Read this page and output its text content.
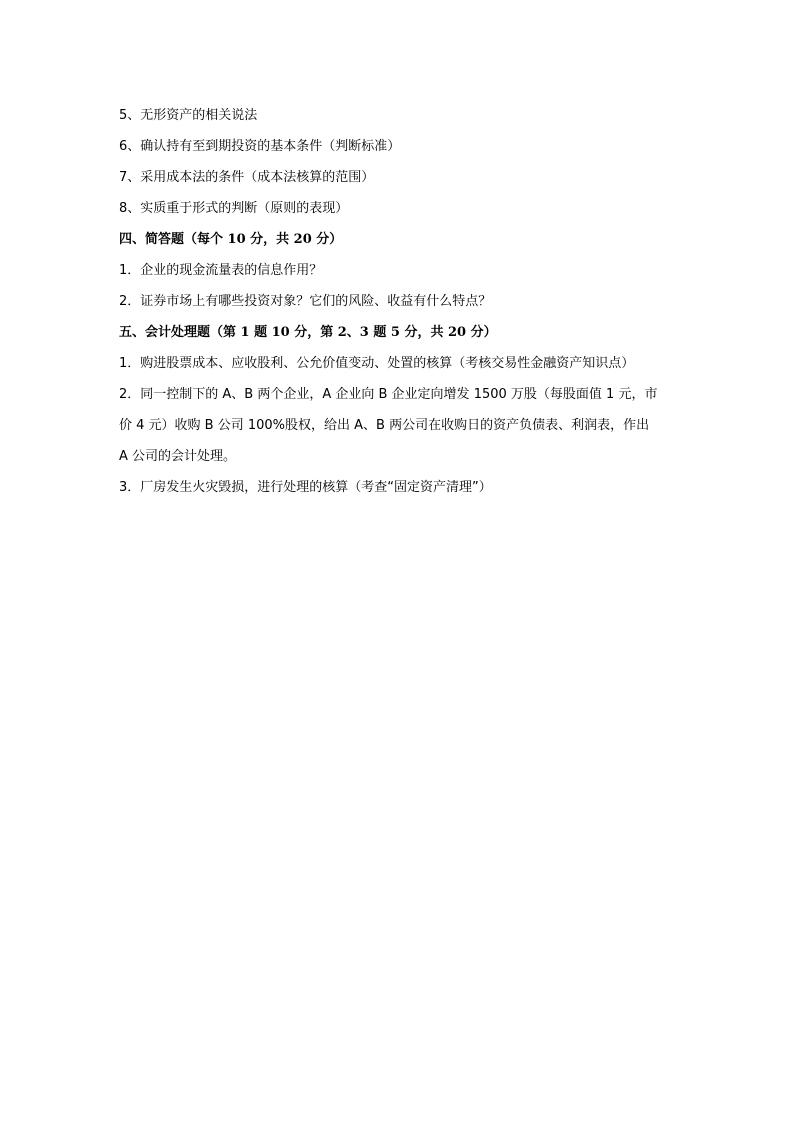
5、无形资产的相关说法
6、确认持有至到期投资的基本条件（判断标准）
7、采用成本法的条件（成本法核算的范围）
8、实质重于形式的判断（原则的表现）
四、简答题（每个 10 分，共 20 分）
1．企业的现金流量表的信息作用？
2．证券市场上有哪些投资对象？它们的风险、收益有什么特点？
五、会计处理题（第 1 题 10 分，第 2、3 题 5 分，共 20 分）
1．购进股票成本、应收股利、公允价值变动、处置的核算（考核交易性金融资产知识点）
2．同一控制下的 A、B 两个企业，A 企业向 B 企业定向增发 1500 万股（每股面值 1 元，市
价 4 元）收购 B 公司 100%股权，给出 A、B 两公司在收购日的资产负债表、利润表，作出
A 公司的会计处理。
3．厂房发生火灾毁损，进行处理的核算（考查“固定资产清理”）
